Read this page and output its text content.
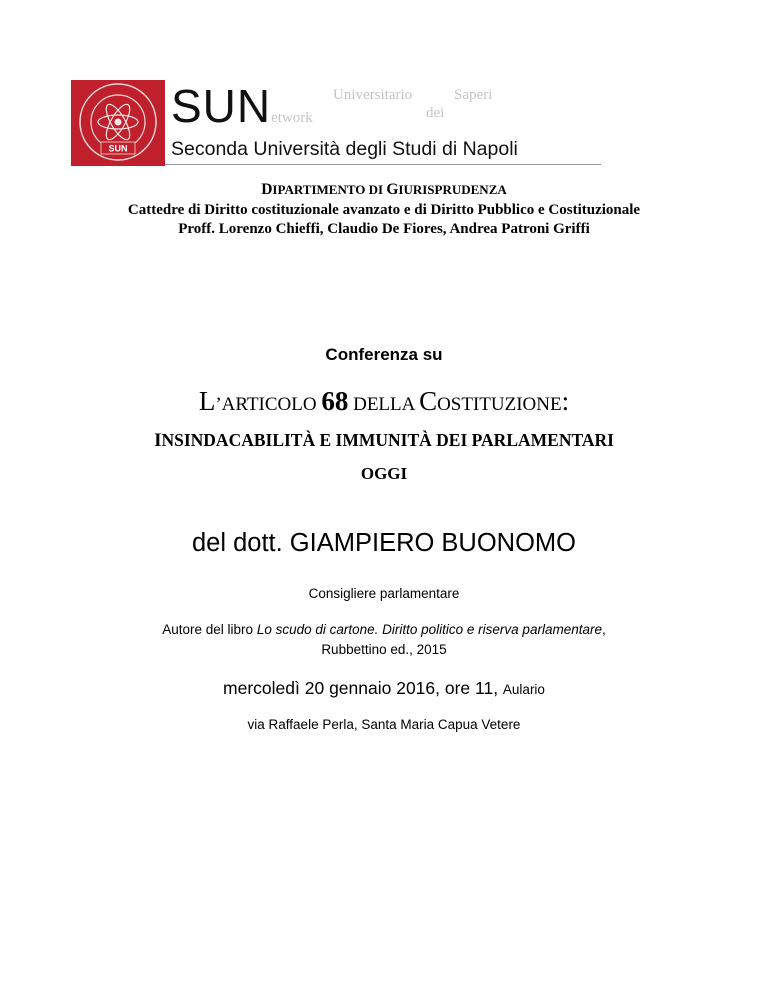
SUN
SUNetwork
Universitario	Saperi
dei
Seconda Università degli Studi di Napoli
DIPARTIMENTO DI GIURISPRUDENZA
Cattedre di Diritto costituzionale avanzato e di Diritto Pubblico e Costituzionale
Proff. Lorenzo Chieffi, Claudio De Fiores, Andrea Patroni Griffi
Conferenza su
L’ARTICOLO 68 DELLA COSTITUZIONE:
INSINDACABILITÀ E IMMUNITÀ DEI PARLAMENTARI
OGGI
del dott. GIAMPIERO BUONOMO
Consigliere parlamentare
Autore del libro Lo scudo di cartone. Diritto politico e riserva parlamentare,
Rubbettino ed., 2015
mercoledì 20 gennaio 2016, ore 11, Aulario
via Raffaele Perla, Santa Maria Capua Vetere
